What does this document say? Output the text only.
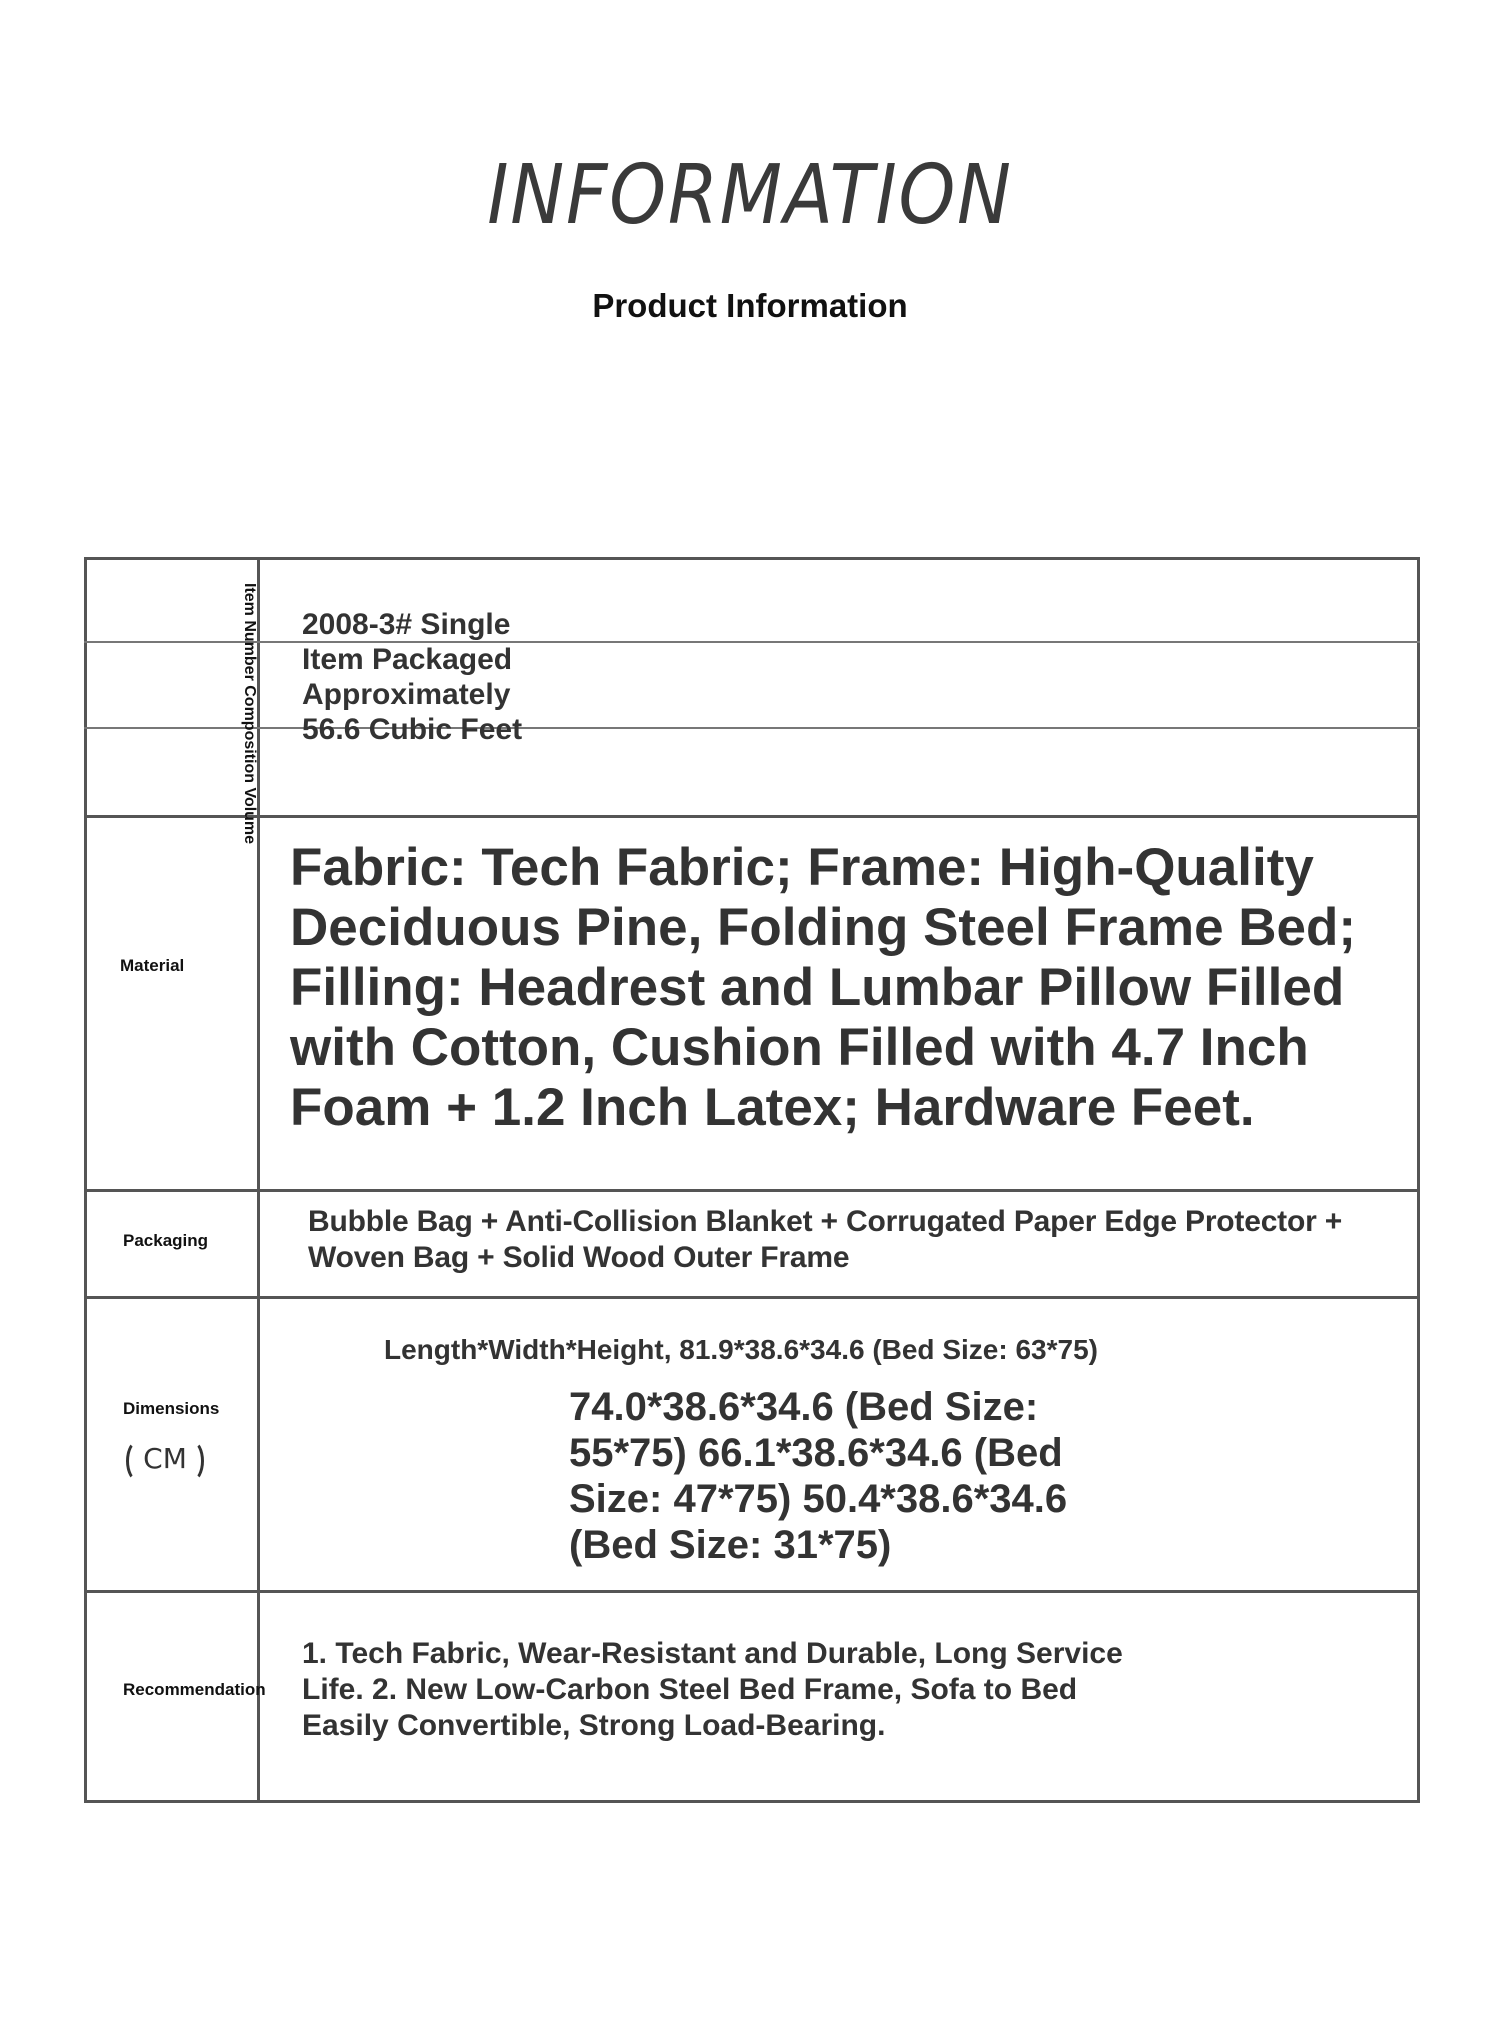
INFORMATION
Product Information
Item Number Composition Volume 2008-3# Single Item Packaged Approximately 56.6 Cubic Feet
Material
Fabric: Tech Fabric; Frame: High-Quality Deciduous Pine, Folding Steel Frame Bed; Filling: Headrest and Lumbar Pillow Filled with Cotton, Cushion Filled with 4.7 Inch Foam + 1.2 Inch Latex; Hardware Feet.
Packaging
Bubble Bag + Anti-Collision Blanket + Corrugated Paper Edge Protector + Woven Bag + Solid Wood Outer Frame
Dimensions
CM
Length*Width*Height, 81.9*38.6*34.6 (Bed Size: 63*75)
74.0*38.6*34.6 (Bed Size: 55*75) 66.1*38.6*34.6 (Bed Size: 47*75) 50.4*38.6*34.6 (Bed Size: 31*75)
Recommendation
1. Tech Fabric, Wear-Resistant and Durable, Long Service Life. 2. New Low-Carbon Steel Bed Frame, Sofa to Bed Easily Convertible, Strong Load-Bearing.
